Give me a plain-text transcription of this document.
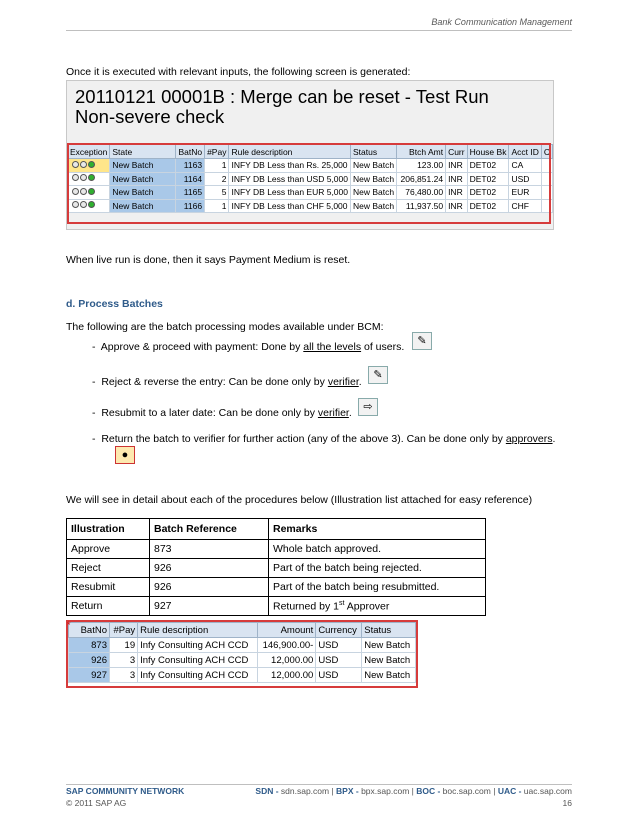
Bank Communication Management
Once it is executed with relevant inputs, the following screen is generated:
20110121 00001B : Merge can be reset - Test Run
Non-severe check
Exception	State	BatNo	#Pay	Rule description	Status	Btch Amt	Curr	House Bk	Acct ID	C

	New Batch	1163	1	INFY DB Less than Rs. 25,000	New Batch	123.00	INR	DET02	CA	

	New Batch	1164	2	INFY DB Less than USD 5,000	New Batch	206,851.24	INR	DET02	USD	

	New Batch	1165	5	INFY DB Less than EUR 5,000	New Batch	76,480.00	INR	DET02	EUR	

	New Batch	1166	1	INFY DB Less than CHF 5,000	New Batch	11,937.50	INR	DET02	CHF	
When live run is done, then it says Payment Medium is reset.
d. Process Batches
The following are the batch processing modes available under BCM:
- Approve & proceed with payment: Done by all the levels of users.	✎
- Reject & reverse the entry: Can be done only by verifier.
✎
- Resubmit to a later date: Can be done only by verifier.	⇨
- Return the batch to verifier for further action (any of the above 3). Can be done only by approvers.
●
We will see in detail about each of the procedures below (Illustration list attached for easy reference)
Illustration	Batch Reference	Remarks
Approve	873	Whole batch approved.
Reject	926	Part of the batch being rejected.
Resubmit	926	Part of the batch being resubmitted.
Return	927	Returned by 1st Approver
* BatNo	#Pay	Rule description	Amount	Currency	Status
873	19	Infy Consulting ACH CCD	146,900.00-	USD	New Batch
926	3	Infy Consulting ACH CCD	12,000.00	USD	New Batch
927	3	Infy Consulting ACH CCD	12,000.00	USD	New Batch
SAP COMMUNITY NETWORK	SDN - sdn.sap.com | BPX - bpx.sap.com | BOC - boc.sap.com | UAC - uac.sap.com
© 2011 SAP AG	16
